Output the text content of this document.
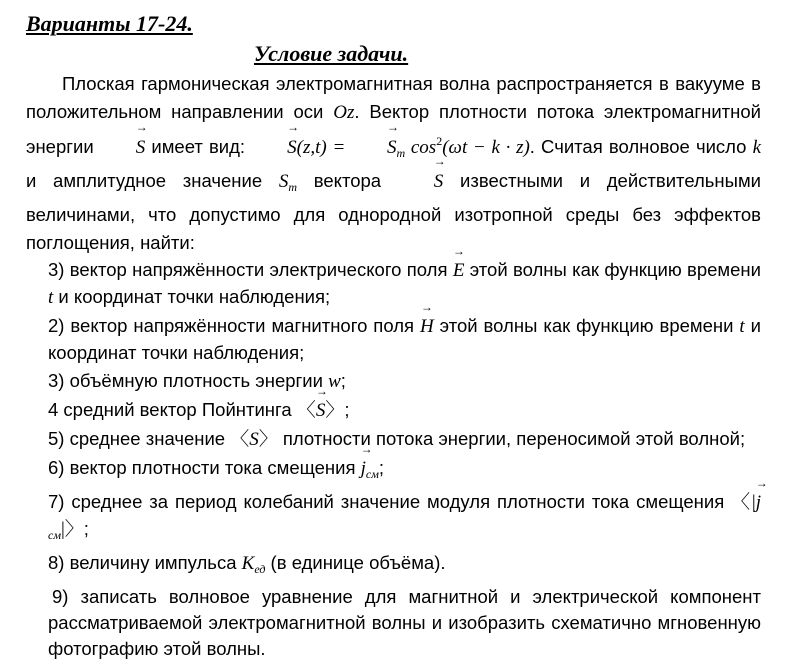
Варианты 17-24.

Условие задачи.

Плоская гармоническая электромагнитная волна распространяется в вакууме в положительном направлении оси Oz. Вектор плотности потока электромагнитной энергии → S имеет вид: → S(z,t) = → $S_m$ $\cos^2(\omega t - k \cdot z)$. Считая волновое число k и амплитудное значение $S_m$ вектора → S известными и действительными величинами, что допустимо для однородной изотропной среды без эффектов поглощения, найти:

3) вектор напряжённости электрического поля → E этой волны как функцию времени t и координат точки наблюдения;

2) вектор напряжённости магнитного поля → H этой волны как функцию времени t и координат точки наблюдения;

3) объёмную плотность энергии w;

4 средний вектор Пойнтинга 〈→ S〉;

5) среднее значение 〈S〉 плотности потока энергии, переносимой этой волной;

6) вектор плотности тока смещения → $j_{см}$;

7) среднее за период колебаний значение модуля плотности тока смещения 〈|→ $j_{см}|$〉;

8) величину импульса $K_{ед}$ (в единице объёма).

9) записать волновое уравнение для магнитной и электрической компонент рассматриваемой электромагнитной волны и изобразить схематично мгновенную фотографию этой волны.
